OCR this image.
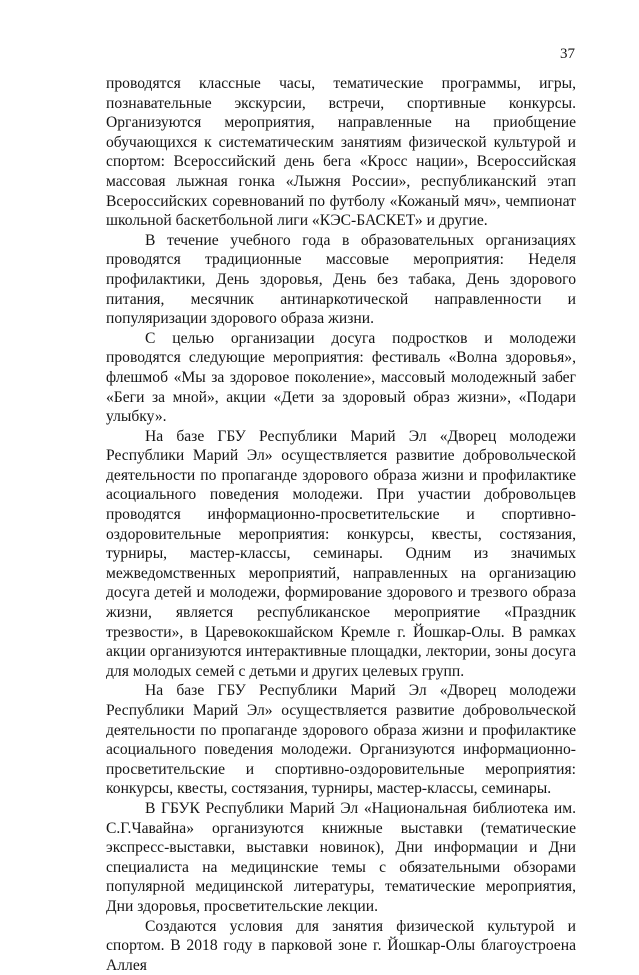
37

проводятся классные часы, тематические программы, игры, познавательные экскурсии, встречи, спортивные конкурсы. Организуются мероприятия, направленные на приобщение обучающихся к систематическим занятиям физической культурой и спортом: Всероссийский день бега «Кросс нации», Всероссийская массовая лыжная гонка «Лыжня России», республиканский этап Всероссийских соревнований по футболу «Кожаный мяч», чемпионат школьной баскетбольной лиги «КЭС-БАСКЕТ» и другие.

В течение учебного года в образовательных организациях проводятся традиционные массовые мероприятия: Неделя профилактики, День здоровья, День без табака, День здорового питания, месячник антинаркотической направленности и популяризации здорового образа жизни.

С целью организации досуга подростков и молодежи проводятся следующие мероприятия: фестиваль «Волна здоровья», флешмоб «Мы за здоровое поколение», массовый молодежный забег «Беги за мной», акции «Дети за здоровый образ жизни», «Подари улыбку».

На базе ГБУ Республики Марий Эл «Дворец молодежи Республики Марий Эл» осуществляется развитие добровольческой деятельности по пропаганде здорового образа жизни и профилактике асоциального поведения молодежи. При участии добровольцев проводятся информационно-просветительские и спортивно-оздоровительные мероприятия: конкурсы, квесты, состязания, турниры, мастер-классы, семинары. Одним из значимых межведомственных мероприятий, направленных на организацию досуга детей и молодежи, формирование здорового и трезвого образа жизни, является республиканское мероприятие «Праздник трезвости», в Царевококшайском Кремле г. Йошкар-Олы. В рамках акции организуются интерактивные площадки, лектории, зоны досуга для молодых семей с детьми и других целевых групп.

На базе ГБУ Республики Марий Эл «Дворец молодежи Республики Марий Эл» осуществляется развитие добровольческой деятельности по пропаганде здорового образа жизни и профилактике асоциального поведения молодежи. Организуются информационно-просветительские и спортивно-оздоровительные мероприятия: конкурсы, квесты, состязания, турниры, мастер-классы, семинары.

В ГБУК Республики Марий Эл «Национальная библиотека им. С.Г.Чавайна» организуются книжные выставки (тематические экспресс-выставки, выставки новинок), Дни информации и Дни специалиста на медицинские темы с обязательными обзорами популярной медицинской литературы, тематические мероприятия, Дни здоровья, просветительские лекции.

Создаются условия для занятия физической культурой и спортом. В 2018 году в парковой зоне г. Йошкар-Олы благоустроена Аллея
